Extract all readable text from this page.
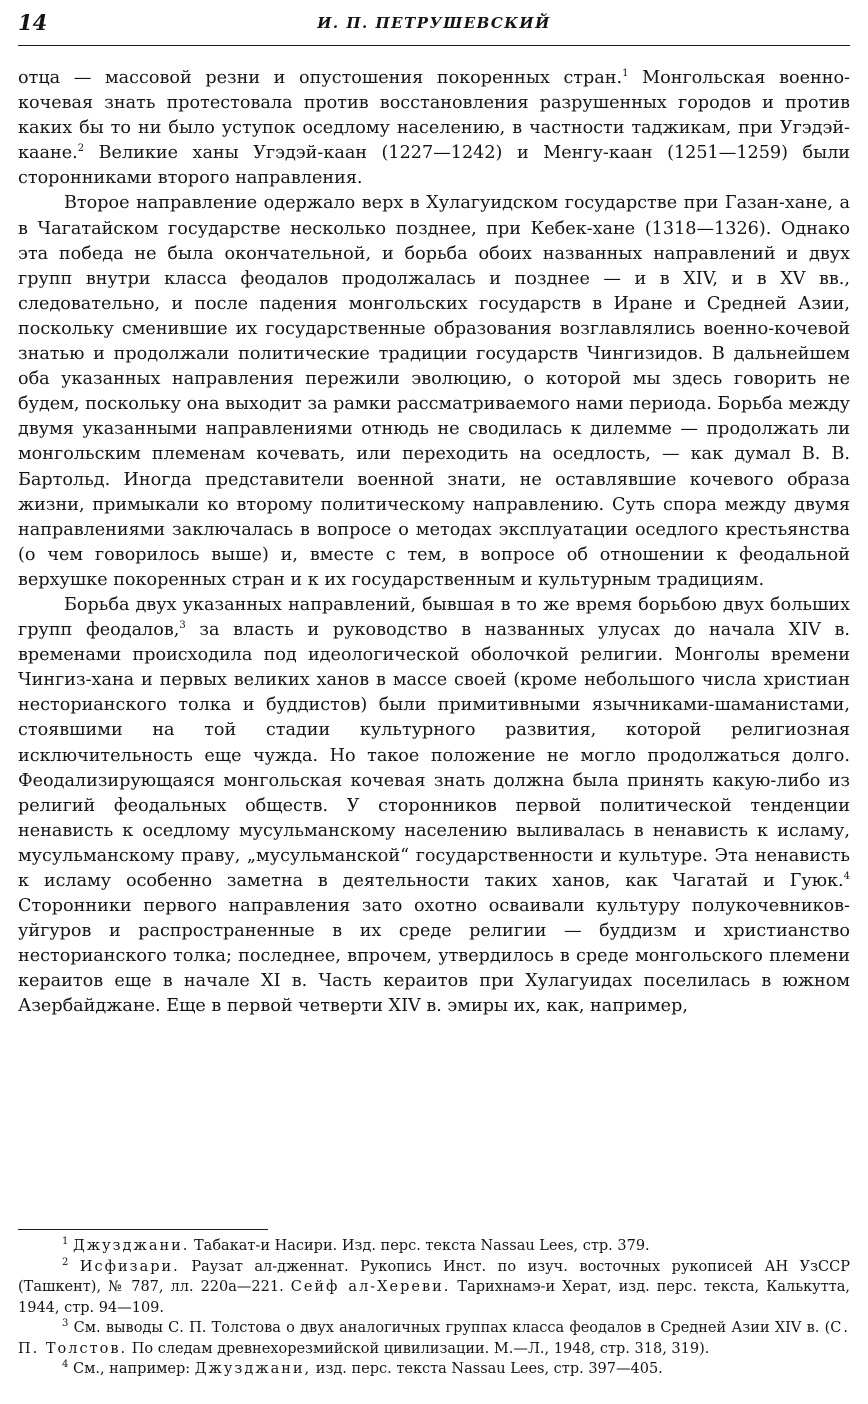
14	И. П. ПЕТРУШЕВСКИЙ

отца — массовой резни и опустошения покоренных стран.$^1$ Монгольская военно-кочевая знать протестовала против восстановления разрушенных городов и против каких бы то ни было уступок оседлому населению, в частности таджикам, при Угэдэй-каане.$^2$ Великие ханы Угэдэй-каан (1227—1242) и Менгу-каан (1251—1259) были сторонниками второго направления.

Второе направление одержало верх в Хулагуидском государстве при Газан-хане, а в Чагатайском государстве несколько позднее, при Кебек-хане (1318—1326). Однако эта победа не была окончательной, и борьба обоих названных направлений и двух групп внутри класса феодалов продолжалась и позднее — и в XIV, и в XV вв., следовательно, и после падения монгольских государств в Иране и Средней Азии, поскольку сменившие их государственные образования возглавлялись военно-кочевой знатью и продолжали политические традиции государств Чингизидов. В дальнейшем оба указанных направления пережили эволюцию, о которой мы здесь говорить не будем, поскольку она выходит за рамки рассматриваемого нами периода. Борьба между двумя указанными направлениями отнюдь не сводилась к дилемме — продолжать ли монгольским племенам кочевать, или переходить на оседлость, — как думал В. В. Бартольд. Иногда представители военной знати, не оставлявшие кочевого образа жизни, примыкали ко второму политическому направлению. Суть спора между двумя направлениями заключалась в вопросе о методах эксплуатации оседлого крестьянства (о чем говорилось выше) и, вместе с тем, в вопросе об отношении к феодальной верхушке покоренных стран и к их государственным и культурным традициям.

Борьба двух указанных направлений, бывшая в то же время борьбою двух больших групп феодалов,$^3$ за власть и руководство в названных улусах до начала XIV в. временами происходила под идеологической оболочкой религии. Монголы времени Чингиз-хана и первых великих ханов в массе своей (кроме небольшого числа христиан несторианского толка и буддистов) были примитивными язычниками-шаманистами, стоявшими на той стадии культурного развития, которой религиозная исключительность еще чужда. Но такое положение не могло продолжаться долго. Феодализирующаяся монгольская кочевая знать должна была принять какую-либо из религий феодальных обществ. У сторонников первой политической тенденции ненависть к оседлому мусульманскому населению выливалась в ненависть к исламу, мусульманскому праву, „мусульманской“ государственности и культуре. Эта ненависть к исламу особенно заметна в деятельности таких ханов, как Чагатай и Гуюк.$^4$ Сторонники первого направления зато охотно осваивали культуру полукочевников-уйгуров и распространенные в их среде религии — буддизм и христианство несторианского толка; последнее, впрочем, утвердилось в среде монгольского племени кераитов еще в начале XI в. Часть кераитов при Хулагуидах поселилась в южном Азербайджане. Еще в первой четверти XIV в. эмиры их, как, например,

$^1$ Джузджани. Табакат-и Насири. Изд. перс. текста Nassau Lees, стр. 379.

$^2$ Исфизари. Раузат ал-дженнат. Рукопись Инст. по изуч. восточных рукописей АН УзССР (Ташкент), № 787, лл. 220а—221. Сейф ал-Хереви. Тарихнамэ-и Херат, изд. перс. текста, Калькутта, 1944, стр. 94—109.

$^3$ См. выводы С. П. Толстова о двух аналогичных группах класса феодалов в Средней Азии XIV в. (С. П. Толстов. По следам древнехорезмийской цивилизации. М.—Л., 1948, стр. 318, 319).

$^4$ См., например: Джузджани, изд. перс. текста Nassau Lees, стр. 397—405.
